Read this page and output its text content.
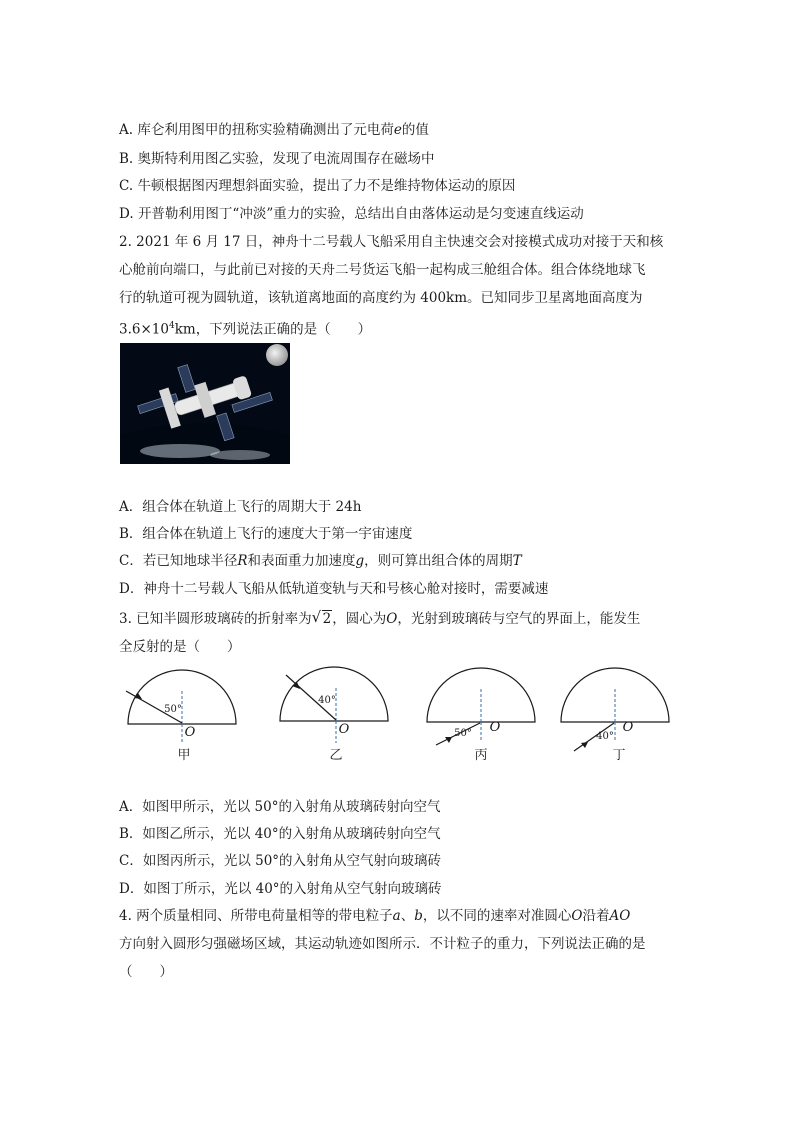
A. 库仑利用图甲的扭称实验精确测出了元电荷e的值
B. 奥斯特利用图乙实验，发现了电流周围存在磁场中
C. 牛顿根据图丙理想斜面实验，提出了力不是维持物体运动的原因
D. 开普勒利用图丁“冲淡”重力的实验，总结出自由落体运动是匀变速直线运动
2. 2021 年 6 月 17 日，神舟十二号载人飞船采用自主快速交会对接模式成功对接于天和核
心舱前向端口，与此前已对接的天舟二号货运飞船一起构成三舱组合体。组合体绕地球飞
行的轨道可视为圆轨道，该轨道离地面的高度约为 400km。已知同步卫星离地面高度为
$3.6\times 10^4km$，下列说法正确的是（　　）
A．组合体在轨道上飞行的周期大于 24h
B．组合体在轨道上飞行的速度大于第一宇宙速度
C．若已知地球半径R和表面重力加速度g，则可算出组合体的周期T
D．神舟十二号载人飞船从低轨道变轨与天和号核心舱对接时，需要减速
3. 已知半圆形玻璃砖的折射率为 √ 2，圆心为O，光射到玻璃砖与空气的界面上，能发生
全反射的是（　　）
50°
O
甲
40°
O
乙
50°	O
丙
40°
O
丁
A．如图甲所示，光以 50°的入射角从玻璃砖射向空气
B．如图乙所示，光以 40°的入射角从玻璃砖射向空气
C．如图丙所示，光以 50°的入射角从空气射向玻璃砖
D．如图丁所示，光以 40°的入射角从空气射向玻璃砖
4. 两个质量相同、所带电荷量相等的带电粒子a、b，以不同的速率对准圆心O沿着AO
方向射入圆形匀强磁场区域，其运动轨迹如图所示．不计粒子的重力，下列说法正确的是
（　　）
